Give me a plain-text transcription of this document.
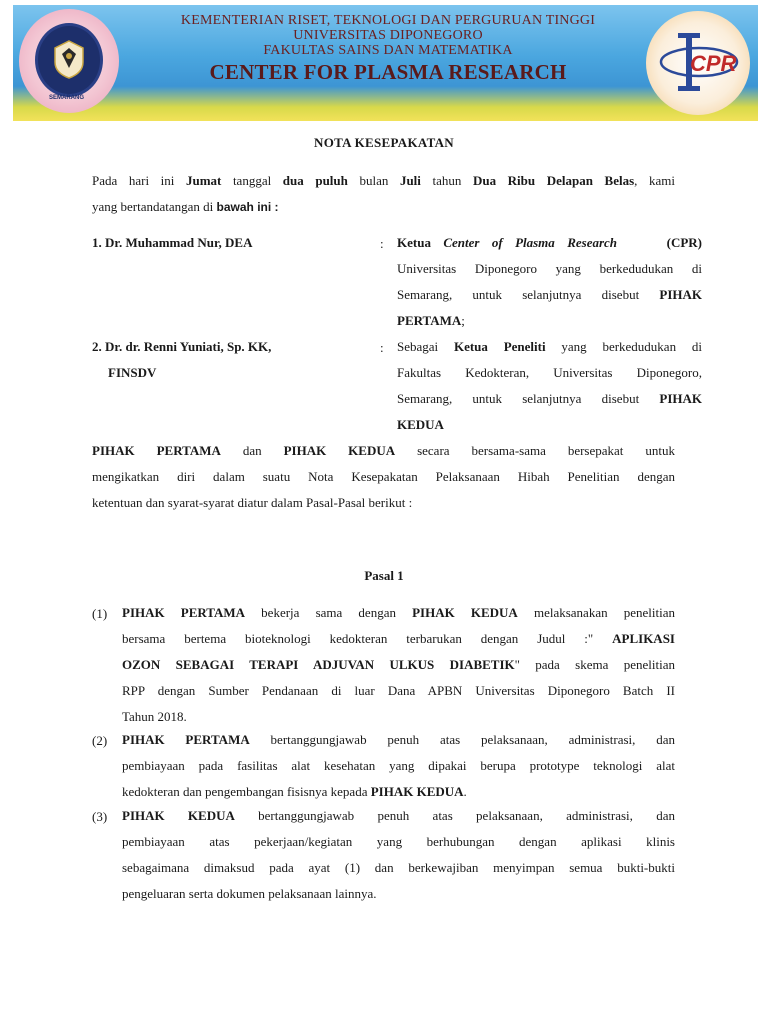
SEMARANG
KEMENTERIAN RISET, TEKNOLOGI DAN PERGURUAN TINGGI
UNIVERSITAS DIPONEGORO
FAKULTAS SAINS DAN MATEMATIKA
CENTER FOR PLASMA RESEARCH	CPR
NOTA KESEPAKATAN
Pada hari ini Jumat tanggal dua puluh bulan Juli tahun Dua Ribu Delapan Belas, kami
yang bertandatangan di bawah ini :
1. Dr. Muhammad Nur, DEA	: Ketua Center of Plasma Research	(CPR)
Universitas Diponegoro yang berkedudukan di
Semarang, untuk selanjutnya disebut PIHAK
PERTAMA;
2. Dr. dr. Renni Yuniati, Sp. KK,
FINSDV
: Sebagai Ketua Peneliti yang berkedudukan di
Fakultas Kedokteran, Universitas Diponegoro,
Semarang, untuk selanjutnya disebut PIHAK
KEDUA
PIHAK PERTAMA dan PIHAK KEDUA secara bersama-sama bersepakat untuk
mengikatkan diri dalam suatu Nota Kesepakatan Pelaksanaan Hibah Penelitian dengan
ketentuan dan syarat-syarat diatur dalam Pasal-Pasal berikut :
Pasal 1
(1) PIHAK PERTAMA bekerja sama dengan PIHAK KEDUA melaksanakan penelitian
bersama bertema bioteknologi kedokteran terbarukan dengan Judul :" APLIKASI
OZON SEBAGAI TERAPI ADJUVAN ULKUS DIABETIK" pada skema penelitian
RPP dengan Sumber Pendanaan di luar Dana APBN Universitas Diponegoro Batch II
Tahun 2018.
(2) PIHAK PERTAMA bertanggungjawab penuh atas pelaksanaan, administrasi, dan
pembiayaan pada fasilitas alat kesehatan yang dipakai berupa prototype teknologi alat
kedokteran dan pengembangan fisisnya kepada PIHAK KEDUA.
(3) PIHAK KEDUA bertanggungjawab penuh atas pelaksanaan, administrasi, dan
pembiayaan atas pekerjaan/kegiatan yang berhubungan dengan aplikasi klinis
sebagaimana dimaksud pada ayat (1) dan berkewajiban menyimpan semua bukti-bukti
pengeluaran serta dokumen pelaksanaan lainnya.
